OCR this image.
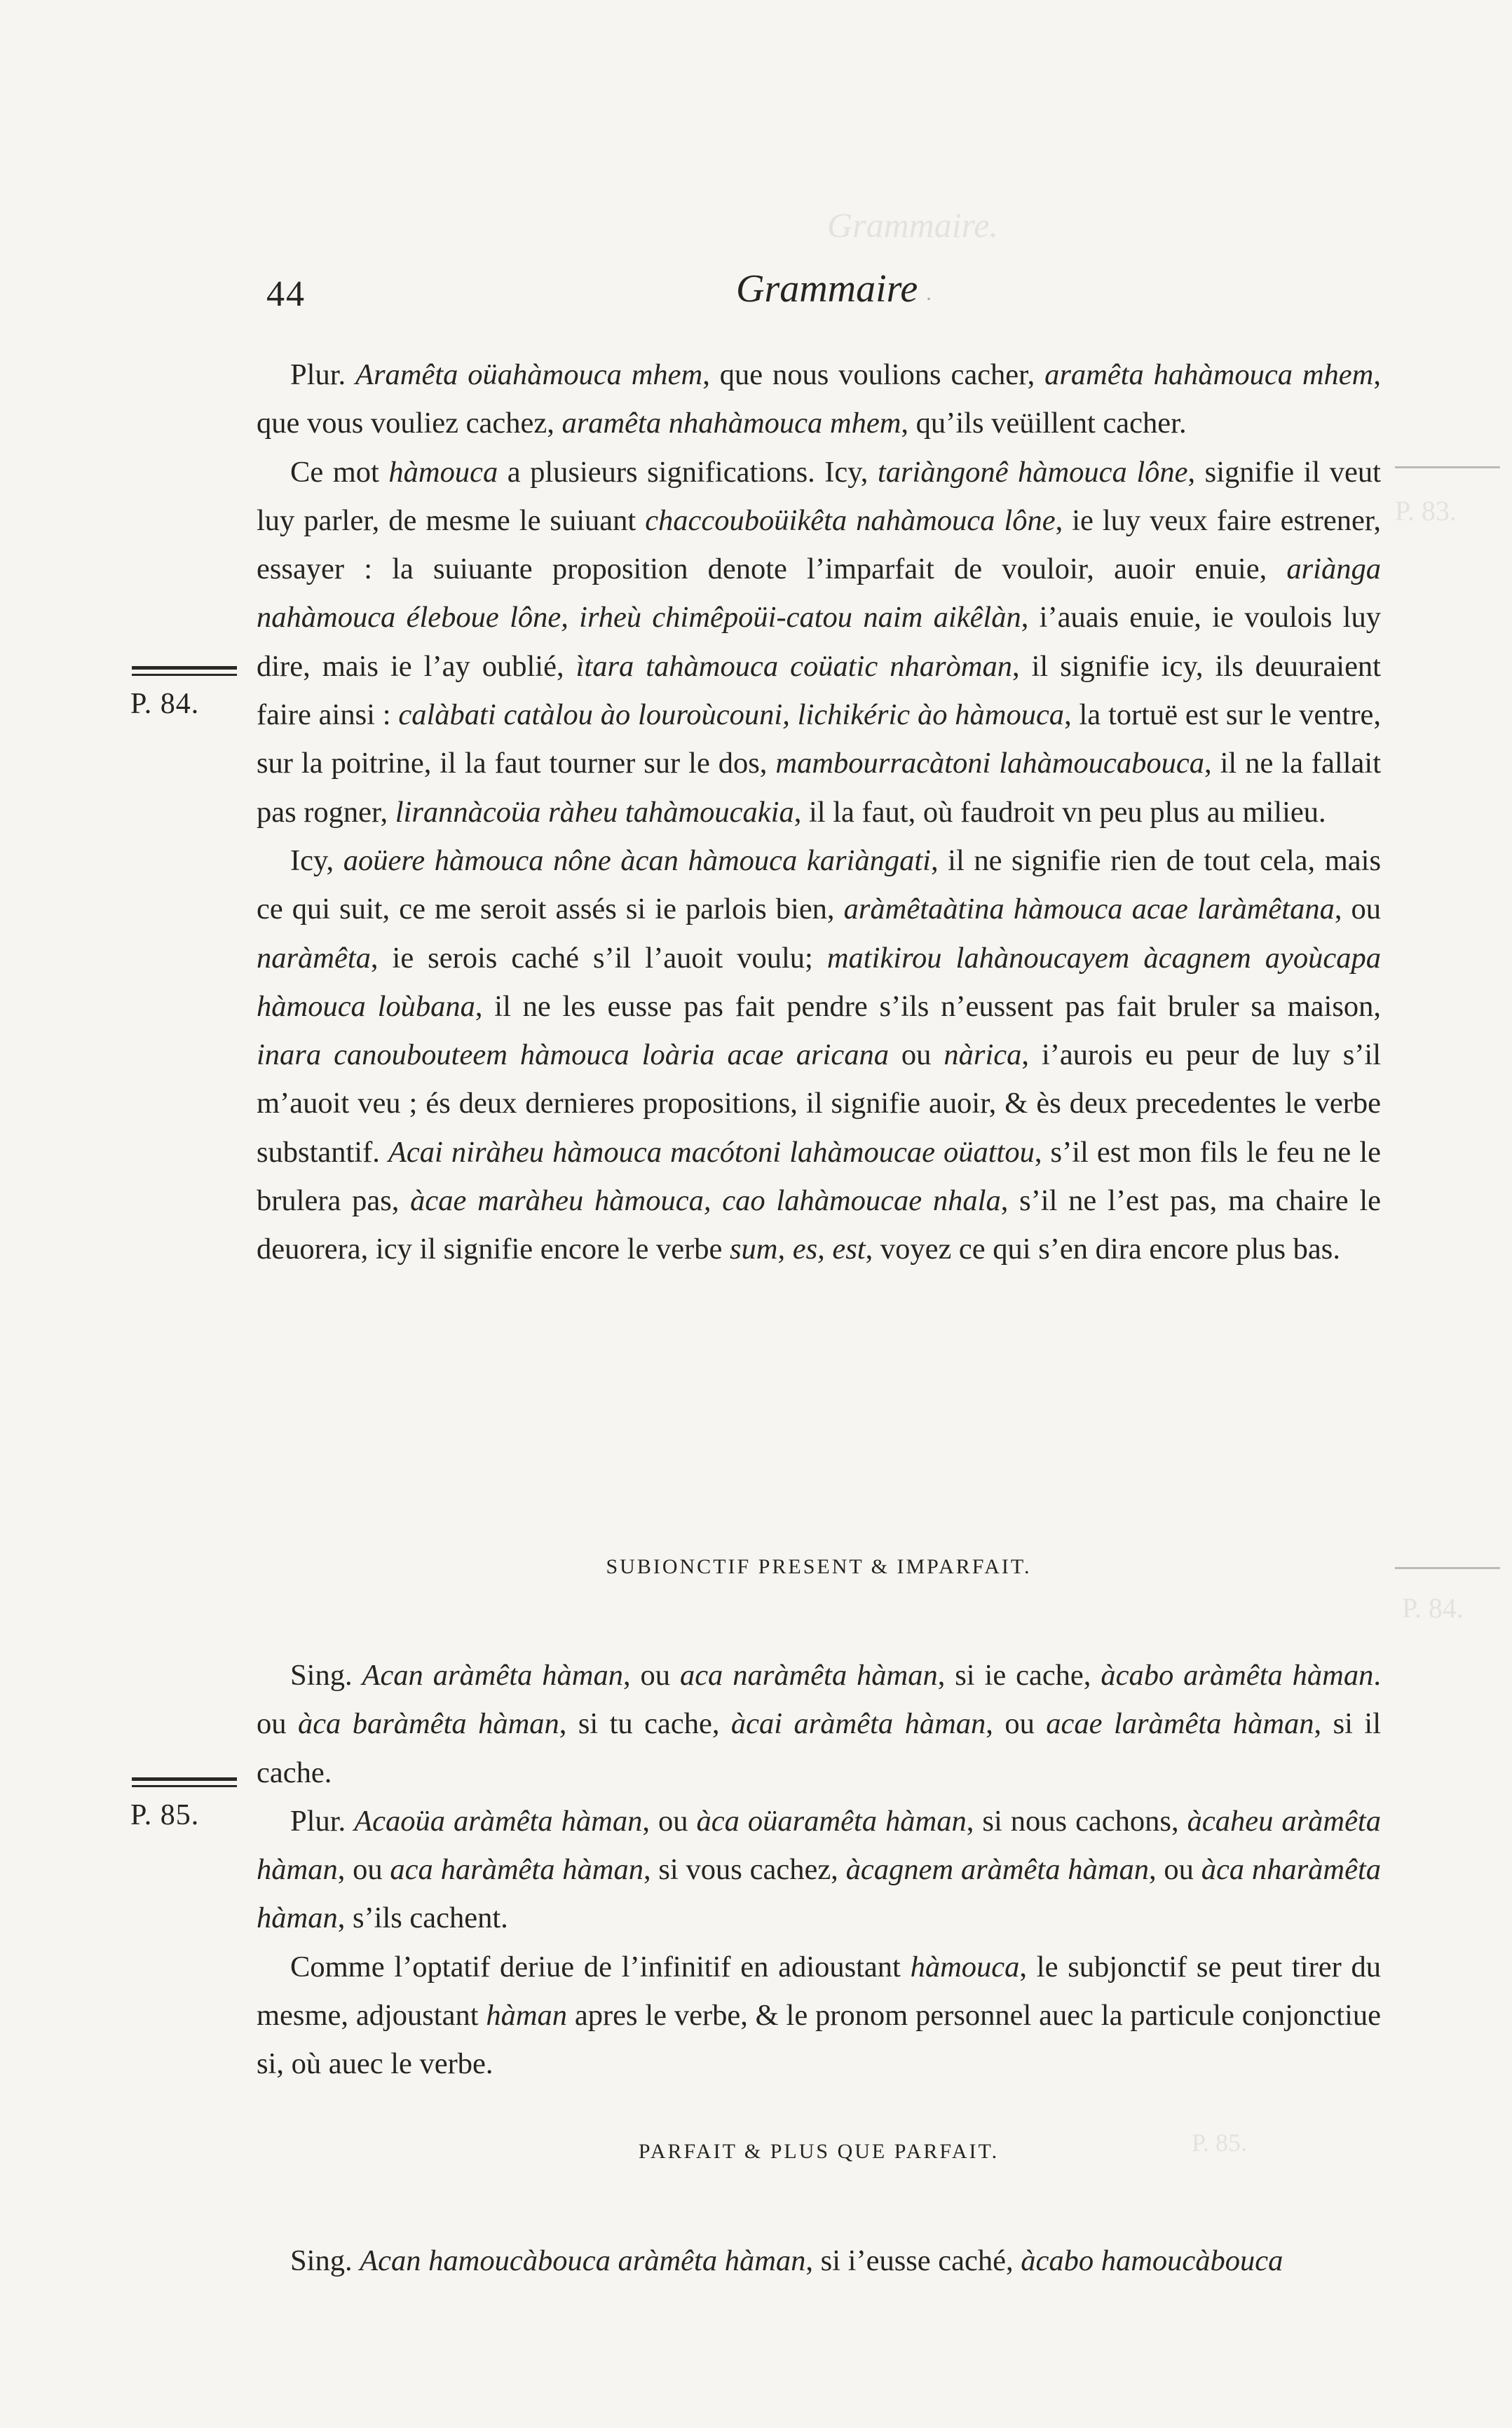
Grammaire.
P. 83.
P. 84.
P. 85.
44	Grammaire ·
P. 84.
P. 85.

Plur. Aramêta oüahàmouca mhem, que nous voulions cacher, aramêta hahàmouca mhem, que vous vouliez cachez, aramêta nhahàmouca mhem, qu’ils veüillent cacher.

Ce mot hàmouca a plusieurs significations. Icy, tariàngonê hàmouca lône, signifie il veut luy parler, de mesme le suiuant chaccouboüikêta nahàmouca lône, ie luy veux faire estrener, essayer : la suiuante proposition denote l’imparfait de vouloir, auoir enuie, ariànga nahàmouca éleboue lône, irheù chimêpoüi-catou naim aikêlàn, i’auais enuie, ie voulois luy dire, mais ie l’ay oublié, ìtara tahàmouca coüatic nharòman, il signifie icy, ils deuuraient faire ainsi : calàbati catàlou ào louroùcouni, lichikéric ào hàmouca, la tortuë est sur le ventre, sur la poitrine, il la faut tourner sur le dos, mambourracàtoni lahàmoucabouca, il ne la fallait pas rogner, lirannàcoüa ràheu tahàmoucakia, il la faut, où faudroit vn peu plus au milieu.

Icy, aoüere hàmouca nône àcan hàmouca kariàngati, il ne signifie rien de tout cela, mais ce qui suit, ce me seroit assés si ie parlois bien, aràmêtaàtina hàmouca acae laràmêtana, ou naràmêta, ie serois caché s’il l’auoit voulu; matikirou lahànoucayem àcagnem ayoùcapa hàmouca loùbana, il ne les eusse pas fait pendre s’ils n’eussent pas fait bruler sa maison, inara canoubouteem hàmouca loària acae aricana ou nàrica, i’aurois eu peur de luy s’il m’auoit veu ; és deux dernieres propositions, il signifie auoir, & ès deux precedentes le verbe substantif. Acai niràheu hàmouca macótoni lahàmoucae oüattou, s’il est mon fils le feu ne le brulera pas, àcae maràheu hàmouca, cao lahàmoucae nhala, s’il ne l’est pas, ma chaire le deuorera, icy il signifie encore le verbe sum, es, est, voyez ce qui s’en dira encore plus bas.

SUBIONCTIF PRESENT & IMPARFAIT.

Sing. Acan aràmêta hàman, ou aca naràmêta hàman, si ie cache, àcabo aràmêta hàman. ou àca baràmêta hàman, si tu cache, àcai aràmêta hàman, ou acae laràmêta hàman, si il cache.

Plur. Acaoüa aràmêta hàman, ou àca oüaramêta hàman, si nous cachons, àcaheu aràmêta hàman, ou aca haràmêta hàman, si vous cachez, àcagnem aràmêta hàman, ou àca nharàmêta hàman, s’ils cachent.

Comme l’optatif deriue de l’infinitif en adioustant hàmouca, le subjonctif se peut tirer du mesme, adjoustant hàman apres le verbe, & le pronom personnel auec la particule conjonctiue si, où auec le verbe.

PARFAIT & PLUS QUE PARFAIT.

Sing. Acan hamoucàbouca aràmêta hàman, si i’eusse caché, àcabo hamoucàbouca
